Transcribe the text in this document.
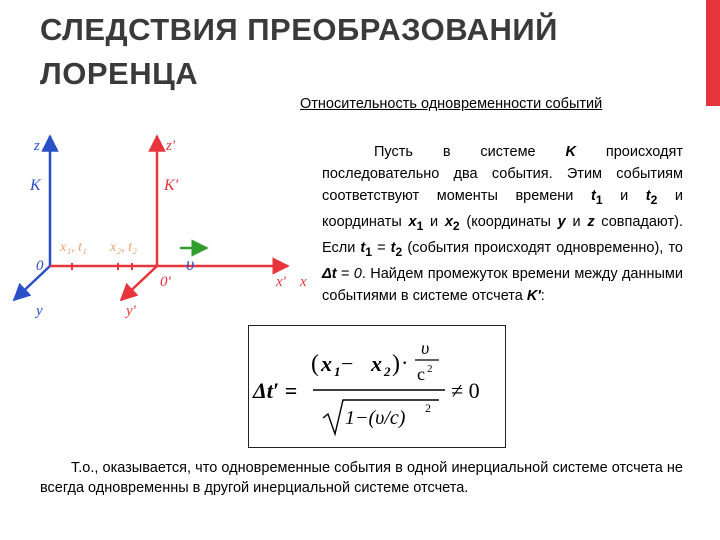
СЛЕДСТВИЯ ПРЕОБРАЗОВАНИЙ
ЛОРЕНЦА
Относительность одновременности событий
z
K
0
y
z'
K'
0'
y'
x' x
x₁, t₁ x₂, t₂
υ
Пусть в системе K происходят последовательно два события. Этим событиям соответствуют моменты времени $t_1$ и $t_2$ и координаты $x_1$ и $x_2$ (координаты y и z совпадают). Если $t_1 = t_2$ (события происходят одновременно), то Δt = 0. Найдем промежуток времени между данными событиями в системе отсчета K':
Δt′ =
( x 1 − x 2 ) ·
υ
c 2
1−(υ/c) 2
≠ 0
Т.о., оказывается, что одновременные события в одной инерциальной системе отсчета не всегда одновременны в другой инерциальной системе отсчета.
